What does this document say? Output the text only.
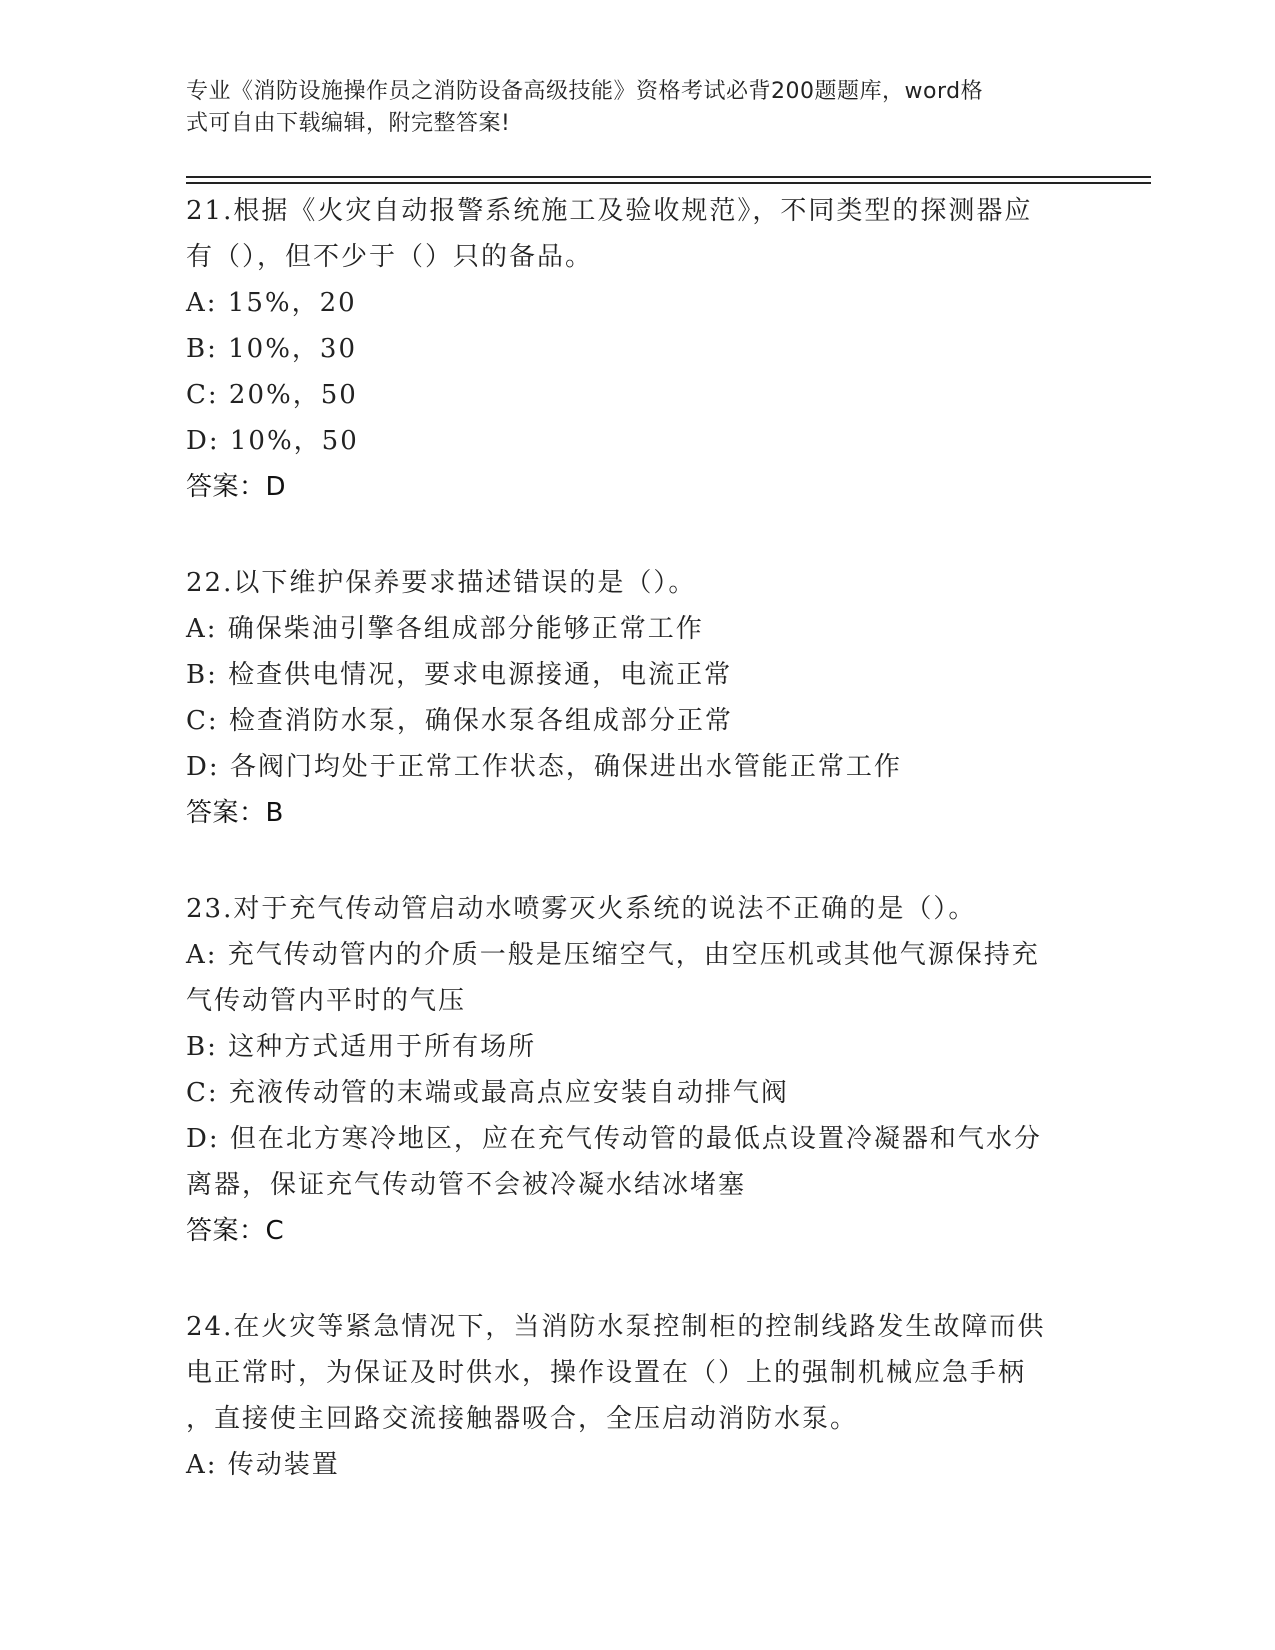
专业《消防设施操作员之消防设备高级技能》资格考试必背200题题库，word格
式可自由下载编辑，附完整答案!

21.根据《火灾自动报警系统施工及验收规范》，不同类型的探测器应

有（），但不少于（）只的备品。

A: 15%，20

B: 10%，30

C: 20%，50

D: 10%，50

答案：D

22.以下维护保养要求描述错误的是（）。

A: 确保柴油引擎各组成部分能够正常工作

B: 检查供电情况，要求电源接通，电流正常

C: 检查消防水泵，确保水泵各组成部分正常

D: 各阀门均处于正常工作状态，确保进出水管能正常工作

答案：B

23.对于充气传动管启动水喷雾灭火系统的说法不正确的是（）。

A: 充气传动管内的介质一般是压缩空气，由空压机或其他气源保持充

气传动管内平时的气压

B: 这种方式适用于所有场所

C: 充液传动管的末端或最高点应安装自动排气阀

D: 但在北方寒冷地区，应在充气传动管的最低点设置冷凝器和气水分

离器，保证充气传动管不会被冷凝水结冰堵塞

答案：C

24.在火灾等紧急情况下，当消防水泵控制柜的控制线路发生故障而供

电正常时，为保证及时供水，操作设置在（）上的强制机械应急手柄

，直接使主回路交流接触器吸合，全压启动消防水泵。

A: 传动装置
